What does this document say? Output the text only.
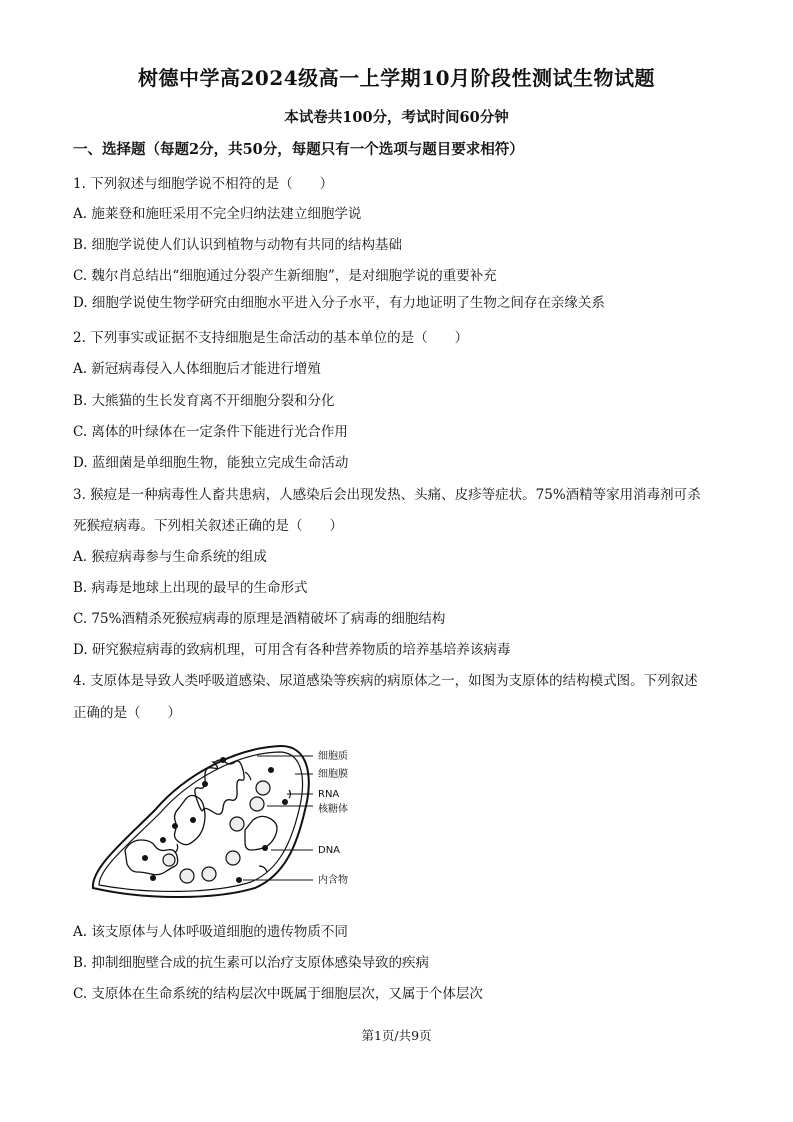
树德中学高2024级高一上学期10月阶段性测试生物试题
本试卷共100分，考试时间60分钟
一、选择题（每题2分，共50分，每题只有一个选项与题目要求相符）
1. 下列叙述与细胞学说不相符的是（　　）
A. 施莱登和施旺采用不完全归纳法建立细胞学说
B. 细胞学说使人们认识到植物与动物有共同的结构基础
C. 魏尔肖总结出“细胞通过分裂产生新细胞”，是对细胞学说的重要补充
D. 细胞学说使生物学研究由细胞水平进入分子水平，有力地证明了生物之间存在亲缘关系
2. 下列事实或证据不支持细胞是生命活动的基本单位的是（　　）
A. 新冠病毒侵入人体细胞后才能进行增殖
B. 大熊猫的生长发育离不开细胞分裂和分化
C. 离体的叶绿体在一定条件下能进行光合作用
D. 蓝细菌是单细胞生物，能独立完成生命活动
3. 猴痘是一种病毒性人畜共患病，人感染后会出现发热、头痛、皮疹等症状。75%酒精等家用消毒剂可杀
死猴痘病毒。下列相关叙述正确的是（　　）
A. 猴痘病毒参与生命系统的组成
B. 病毒是地球上出现的最早的生命形式
C. 75%酒精杀死猴痘病毒的原理是酒精破坏了病毒的细胞结构
D. 研究猴痘病毒的致病机理，可用含有各种营养物质的培养基培养该病毒
4. 支原体是导致人类呼吸道感染、尿道感染等疾病的病原体之一，如图为支原体的结构模式图。下列叙述
正确的是（　　）
细胞质
细胞膜
RNA
核糖体
DNA
内含物
A. 该支原体与人体呼吸道细胞的遗传物质不同
B. 抑制细胞壁合成的抗生素可以治疗支原体感染导致的疾病
C. 支原体在生命系统的结构层次中既属于细胞层次，又属于个体层次
第1页/共9页
